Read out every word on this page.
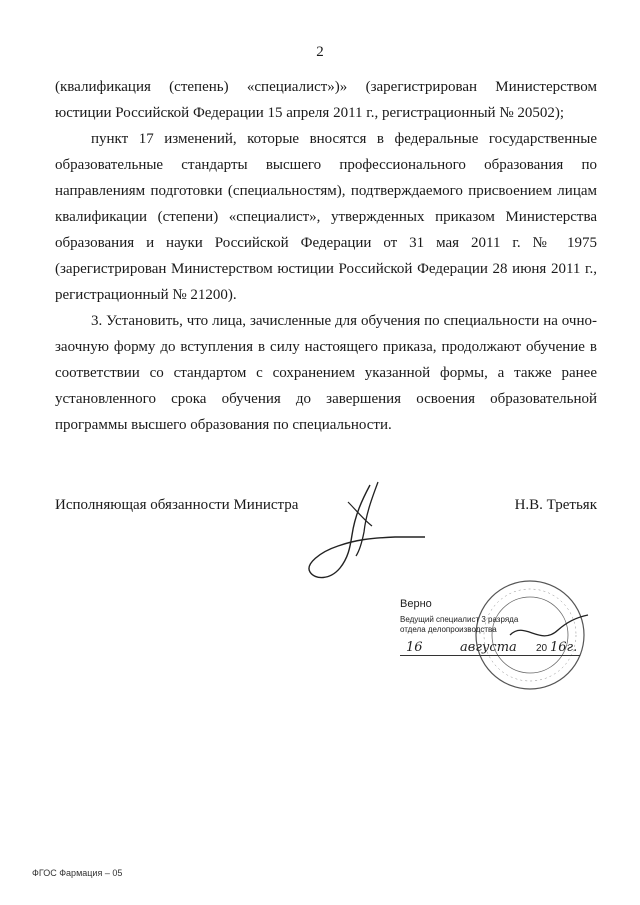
2

(квалификация (степень) «специалист»)» (зарегистрирован Министерством юстиции Российской Федерации 15 апреля 2011 г., регистрационный № 20502);

пункт 17 изменений, которые вносятся в федеральные государственные образовательные стандарты высшего профессионального образования по направлениям подготовки (специальностям), подтверждаемого присвоением лицам квалификации (степени) «специалист», утвержденных приказом Министерства образования и науки Российской Федерации от 31 мая 2011 г. № 1975 (зарегистрирован Министерством юстиции Российской Федерации 28 июня 2011 г., регистрационный № 21200).

3. Установить, что лица, зачисленные для обучения по специальности на очно-заочную форму до вступления в силу настоящего приказа, продолжают обучение в соответствии со стандартом с сохранением указанной формы, а также ранее установленного срока обучения до завершения освоения образовательной программы высшего образования по специальности.

Исполняющая обязанности Министра	Н.В. Третьяк
Верно
Ведущий специалист 3 разряда
отдела делопроизводства
16	августа 20 16г.
ФГОС Фармация – 05
